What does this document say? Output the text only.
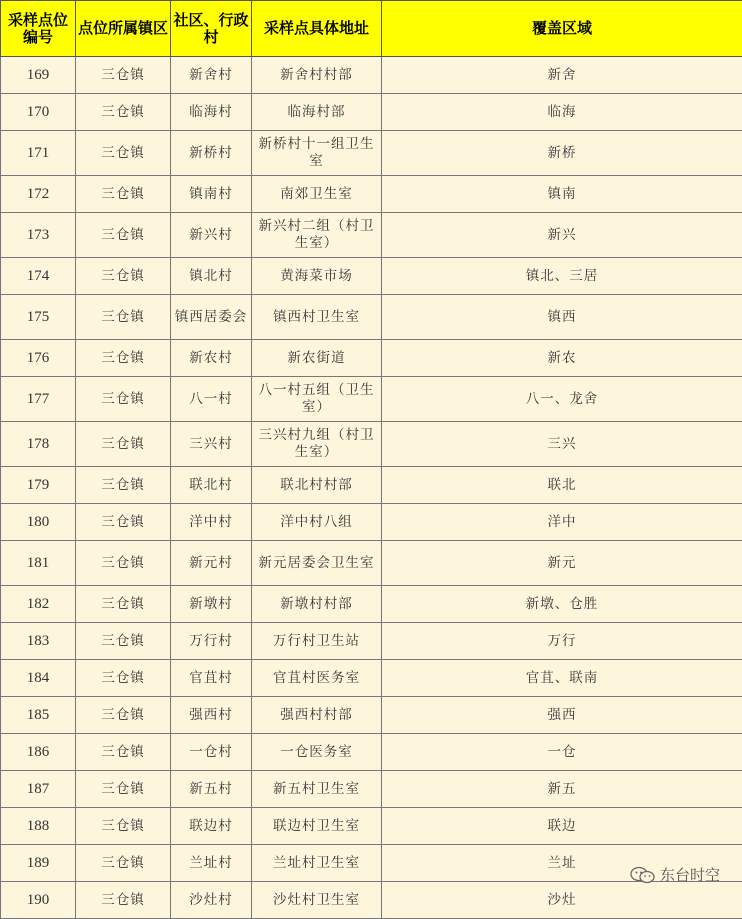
采样点位编号	点位所属镇区	社区、行政村	采样点具体地址	覆盖区域
169	三仓镇	新舍村	新舍村村部	新舍
170	三仓镇	临海村	临海村部	临海
171	三仓镇	新桥村	新桥村十一组卫生室	新桥
172	三仓镇	镇南村	南郊卫生室	镇南
173	三仓镇	新兴村	新兴村二组（村卫生室）	新兴
174	三仓镇	镇北村	黄海菜市场	镇北、三居
175	三仓镇	镇西居委会	镇西村卫生室	镇西
176	三仓镇	新农村	新农街道	新农
177	三仓镇	八一村	八一村五组（卫生室）	八一、龙舍
178	三仓镇	三兴村	三兴村九组（村卫生室）	三兴
179	三仓镇	联北村	联北村村部	联北
180	三仓镇	洋中村	洋中村八组	洋中
181	三仓镇	新元村	新元居委会卫生室	新元
182	三仓镇	新墩村	新墩村村部	新墩、仓胜
183	三仓镇	万行村	万行村卫生站	万行
184	三仓镇	官苴村	官苴村医务室	官苴、联南
185	三仓镇	强西村	强西村村部	强西
186	三仓镇	一仓村	一仓医务室	一仓
187	三仓镇	新五村	新五村卫生室	新五
188	三仓镇	联边村	联边村卫生室	联边
189	三仓镇	兰址村	兰址村卫生室	兰址
190	三仓镇	沙灶村	沙灶村卫生室	沙灶
东台时空
